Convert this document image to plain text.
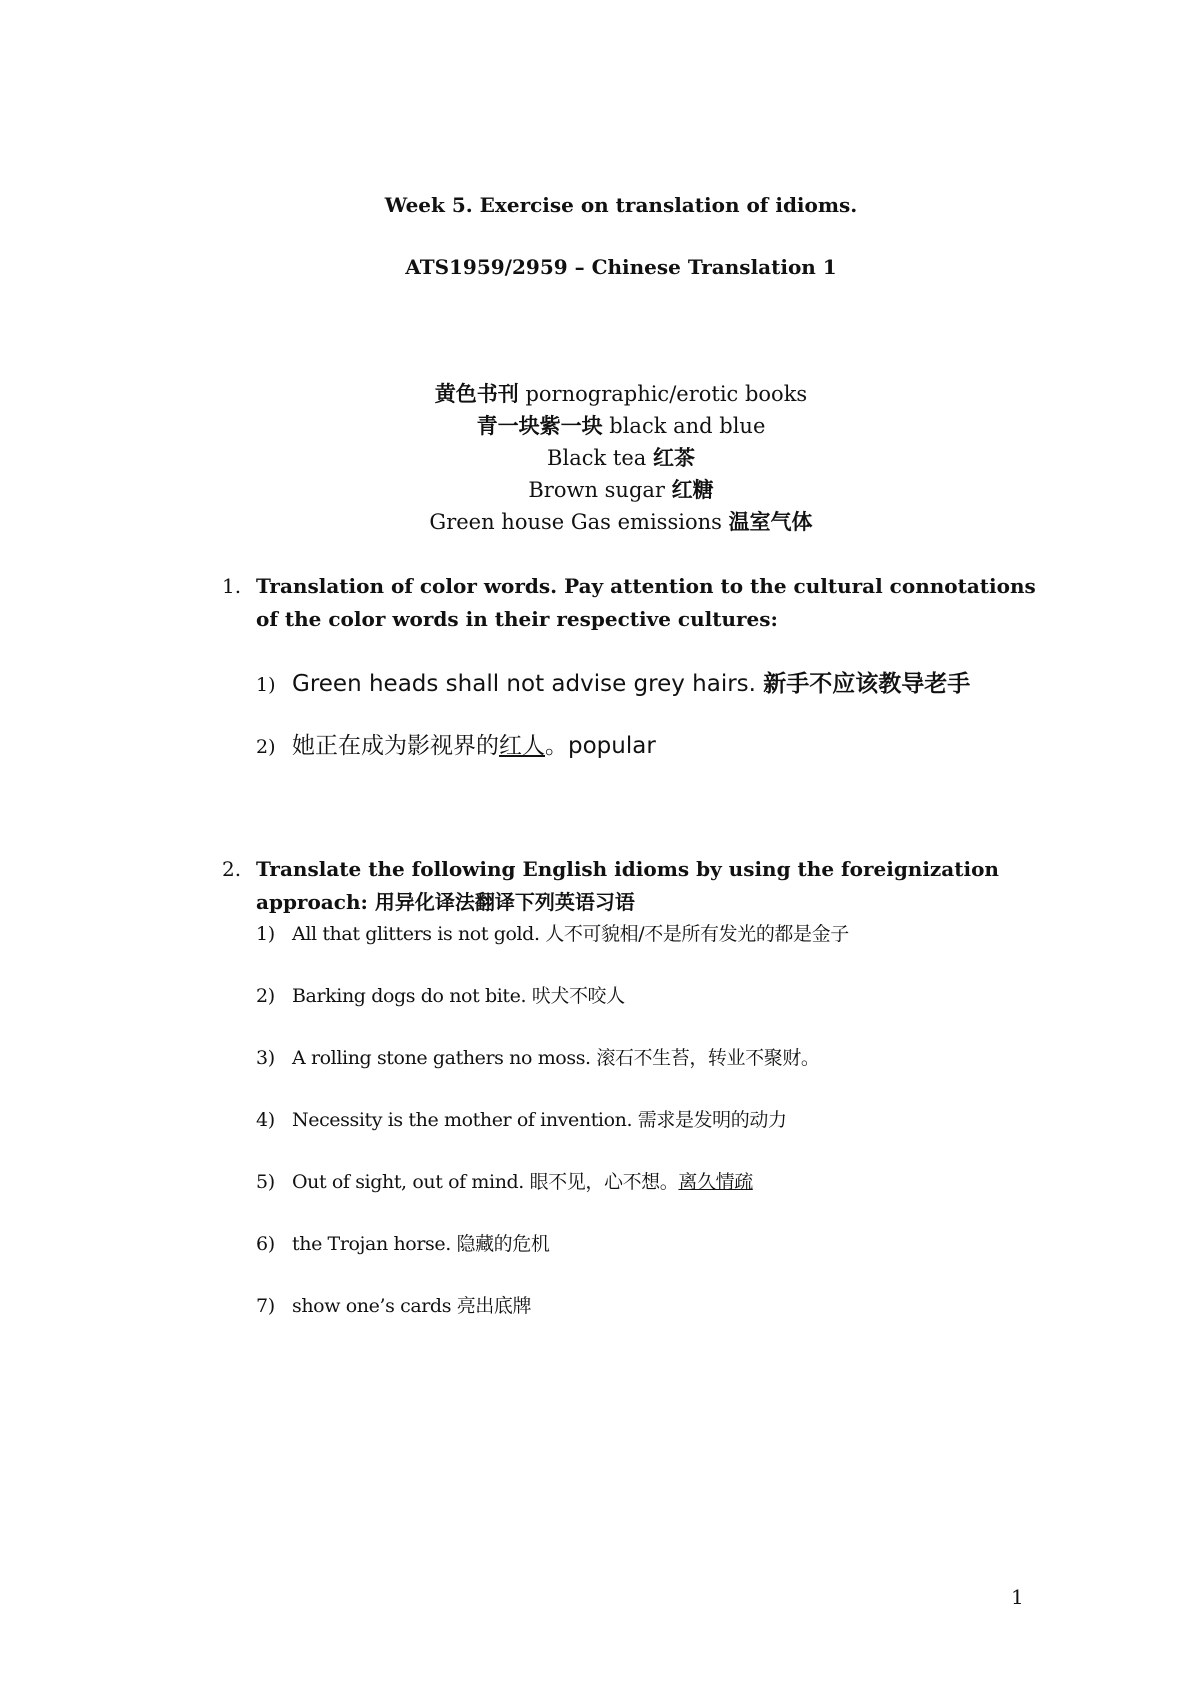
Week 5. Exercise on translation of idioms.
ATS1959/2959 – Chinese Translation 1
黄色书刊 pornographic/erotic books
青一块紫一块 black and blue
Black tea 红茶
Brown sugar 红糖
Green house Gas emissions 温室气体
1. Translation of color words. Pay attention to the cultural connotations of the color words in their respective cultures:
1) Green heads shall not advise grey hairs. 新手不应该教导老手
2) 她正在成为影视界的红人。popular
2. Translate the following English idioms by using the foreignization approach: 用异化译法翻译下列英语习语
1) All that glitters is not gold. 人不可貌相/不是所有发光的都是金子
2) Barking dogs do not bite. 吠犬不咬人
3) A rolling stone gathers no moss. 滚石不生苔，转业不聚财。
4) Necessity is the mother of invention. 需求是发明的动力
5) Out of sight, out of mind. 眼不见，心不想。离久情疏
6) the Trojan horse. 隐藏的危机
7) show one’s cards 亮出底牌
1
